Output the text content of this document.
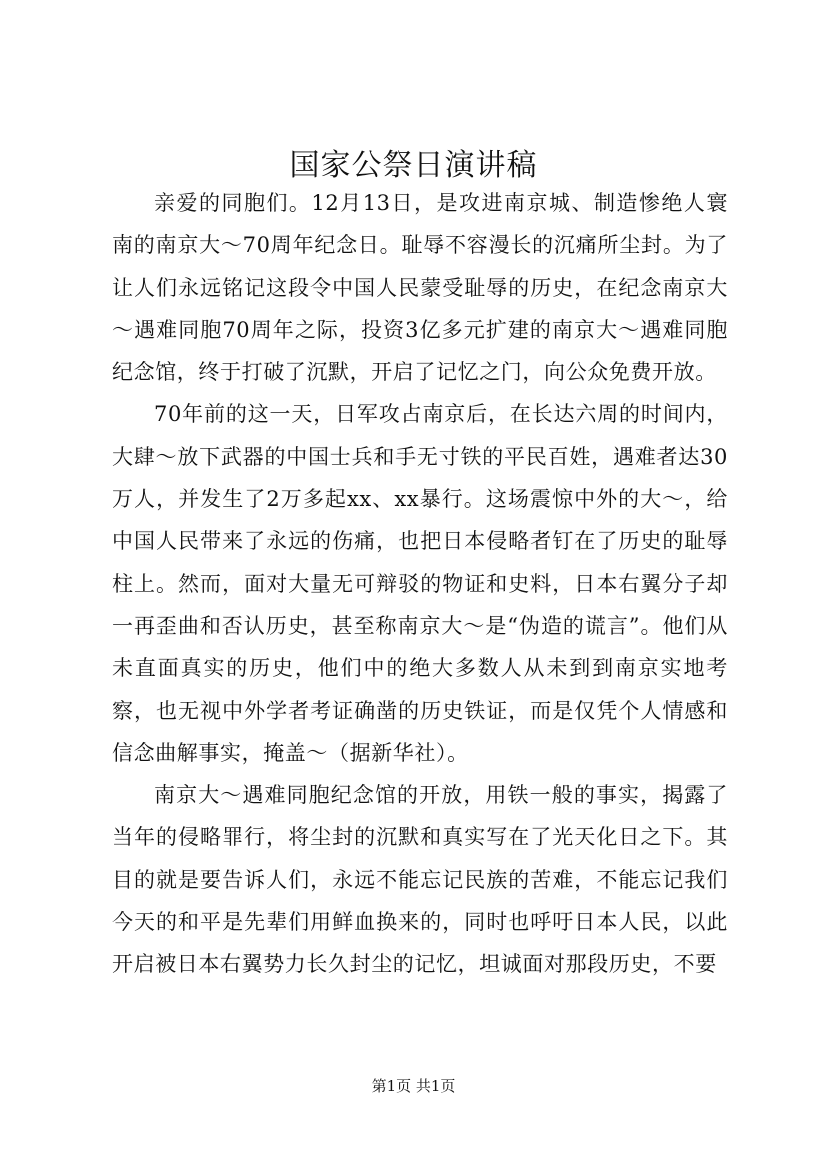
国家公祭日演讲稿

亲爱的同胞们。12月13日，是攻进南京城、制造惨绝人寰南的南京大～70周年纪念日。耻辱不容漫长的沉痛所尘封。为了让人们永远铭记这段令中国人民蒙受耻辱的历史，在纪念南京大～遇难同胞70周年之际，投资3亿多元扩建的南京大～遇难同胞纪念馆，终于打破了沉默，开启了记忆之门，向公众免费开放。

70年前的这一天，日军攻占南京后，在长达六周的时间内，大肆～放下武器的中国士兵和手无寸铁的平民百姓，遇难者达30万人，并发生了2万多起xx、xx暴行。这场震惊中外的大～，给中国人民带来了永远的伤痛，也把日本侵略者钉在了历史的耻辱柱上。然而，面对大量无可辩驳的物证和史料，日本右翼分子却一再歪曲和否认历史，甚至称南京大～是“伪造的谎言”。他们从未直面真实的历史，他们中的绝大多数人从未到到南京实地考察，也无视中外学者考证确凿的历史铁证，而是仅凭个人情感和信念曲解事实，掩盖～（据新华社）。

南京大～遇难同胞纪念馆的开放，用铁一般的事实，揭露了当年的侵略罪行，将尘封的沉默和真实写在了光天化日之下。其目的就是要告诉人们，永远不能忘记民族的苦难，不能忘记我们今天的和平是先辈们用鲜血换来的，同时也呼吁日本人民，以此开启被日本右翼势力长久封尘的记忆，坦诚面对那段历史，不要

第1页 共1页
